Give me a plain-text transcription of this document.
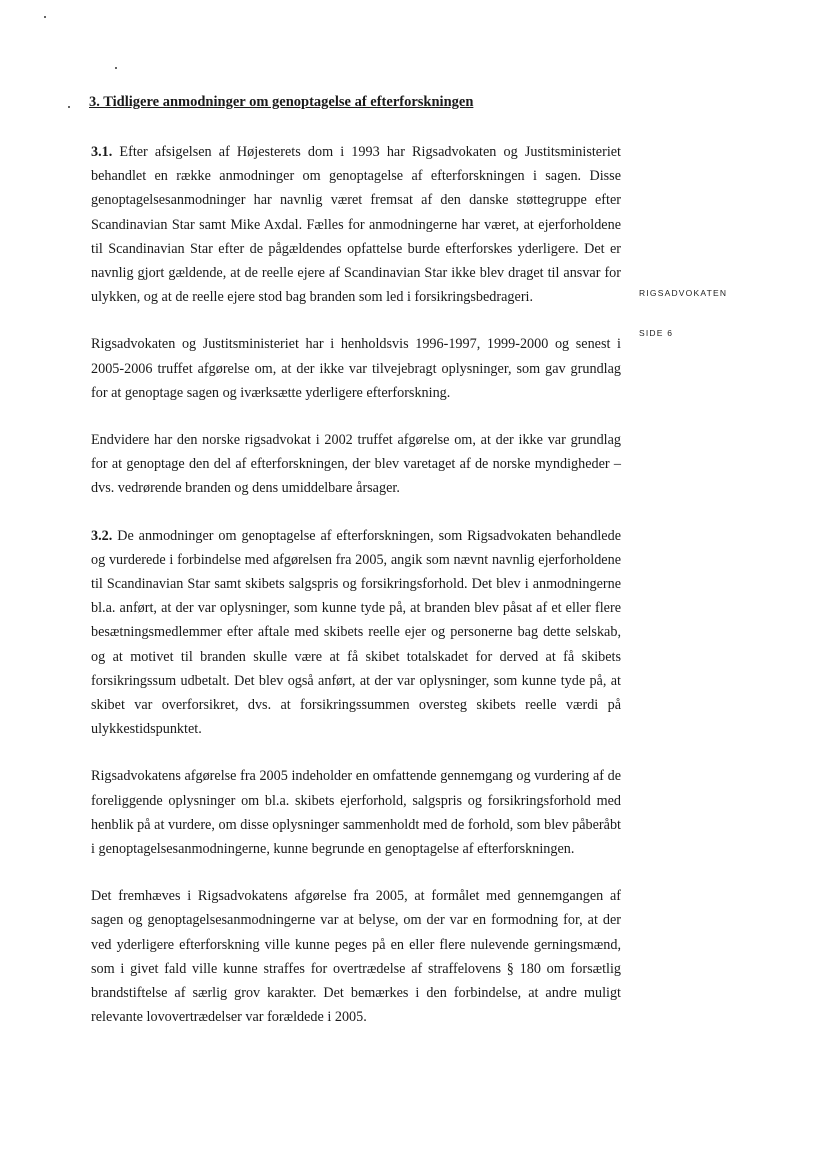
3. Tidligere anmodninger om genoptagelse af efterforskningen
RIGSADVOKATEN
SIDE 6

3.1. Efter afsigelsen af Højesterets dom i 1993 har Rigsadvokaten og Justitsministeriet behandlet en række anmodninger om genoptagelse af efterforskningen i sagen. Disse genoptagelsesanmodninger har navnlig været fremsat af den danske støttegruppe efter Scandinavian Star samt Mike Axdal. Fælles for anmodningerne har været, at ejerforholdene til Scandinavian Star efter de pågældendes opfattelse burde efterforskes yderligere. Det er navnlig gjort gældende, at de reelle ejere af Scandinavian Star ikke blev draget til ansvar for ulykken, og at de reelle ejere stod bag branden som led i forsikringsbedrageri.

Rigsadvokaten og Justitsministeriet har i henholdsvis 1996-1997, 1999-2000 og senest i 2005-2006 truffet afgørelse om, at der ikke var tilvejebragt oplysninger, som gav grundlag for at genoptage sagen og iværksætte yderligere efterforskning.

Endvidere har den norske rigsadvokat i 2002 truffet afgørelse om, at der ikke var grundlag for at genoptage den del af efterforskningen, der blev varetaget af de norske myndigheder – dvs. vedrørende branden og dens umiddelbare årsager.

3.2. De anmodninger om genoptagelse af efterforskningen, som Rigsadvokaten behandlede og vurderede i forbindelse med afgørelsen fra 2005, angik som nævnt navnlig ejerforholdene til Scandinavian Star samt skibets salgspris og forsikringsforhold. Det blev i anmodningerne bl.a. anført, at der var oplysninger, som kunne tyde på, at branden blev påsat af et eller flere besætningsmedlemmer efter aftale med skibets reelle ejer og personerne bag dette selskab, og at motivet til branden skulle være at få skibet totalskadet for derved at få skibets forsikringssum udbetalt. Det blev også anført, at der var oplysninger, som kunne tyde på, at skibet var overforsikret, dvs. at forsikringssummen oversteg skibets reelle værdi på ulykkestidspunktet.

Rigsadvokatens afgørelse fra 2005 indeholder en omfattende gennemgang og vurdering af de foreliggende oplysninger om bl.a. skibets ejerforhold, salgspris og forsikringsforhold med henblik på at vurdere, om disse oplysninger sammenholdt med de forhold, som blev påberåbt i genoptagelsesanmodningerne, kunne begrunde en genoptagelse af efterforskningen.

Det fremhæves i Rigsadvokatens afgørelse fra 2005, at formålet med gennemgangen af sagen og genoptagelsesanmodningerne var at belyse, om der var en formodning for, at der ved yderligere efterforskning ville kunne peges på en eller flere nulevende gerningsmænd, som i givet fald ville kunne straffes for overtrædelse af straffelovens § 180 om forsætlig brandstiftelse af særlig grov karakter. Det bemærkes i den forbindelse, at andre muligt relevante lovovertrædelser var forældede i 2005.
